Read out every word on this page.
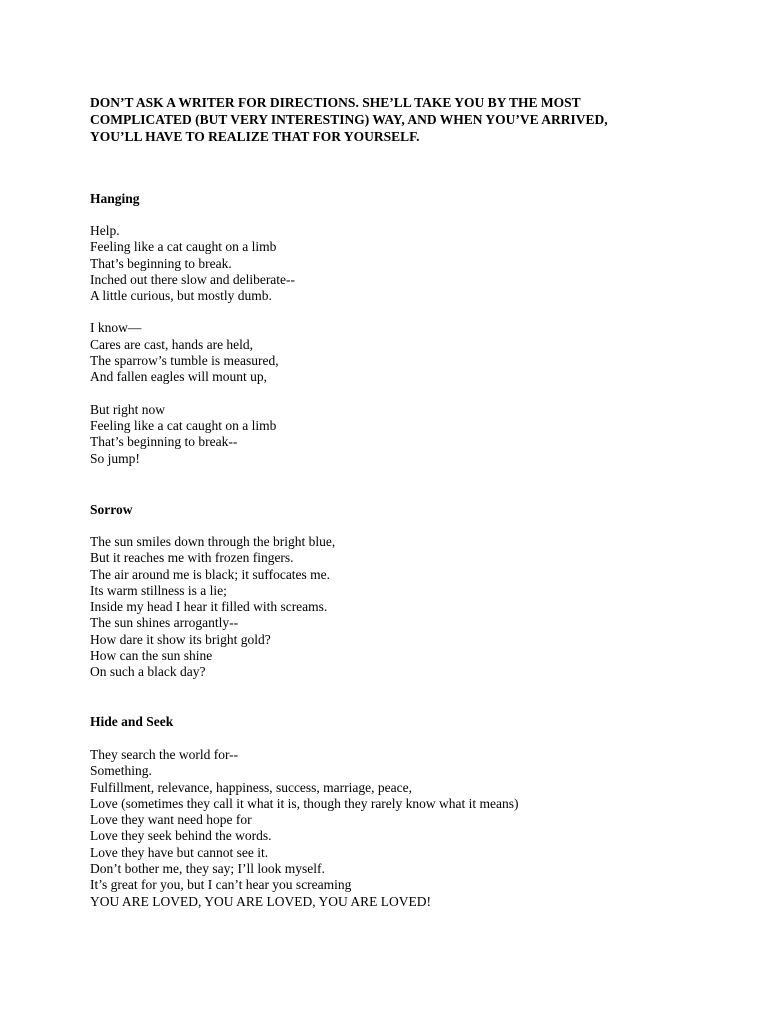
DON’T ASK A WRITER FOR DIRECTIONS. SHE’LL TAKE YOU BY THE MOST
COMPLICATED (BUT VERY INTERESTING) WAY, AND WHEN YOU’VE ARRIVED,
YOU’LL HAVE TO REALIZE THAT FOR YOURSELF.
Hanging
Help.
Feeling like a cat caught on a limb
That’s beginning to break.
Inched out there slow and deliberate--
A little curious, but mostly dumb.
I know—
Cares are cast, hands are held,
The sparrow’s tumble is measured,
And fallen eagles will mount up,
But right now
Feeling like a cat caught on a limb
That’s beginning to break--
So jump!
Sorrow
The sun smiles down through the bright blue,
But it reaches me with frozen fingers.
The air around me is black; it suffocates me.
Its warm stillness is a lie;
Inside my head I hear it filled with screams.
The sun shines arrogantly--
How dare it show its bright gold?
How can the sun shine
On such a black day?
Hide and Seek
They search the world for--
Something.
Fulfillment, relevance, happiness, success, marriage, peace,
Love (sometimes they call it what it is, though they rarely know what it means)
Love they want need hope for
Love they seek behind the words.
Love they have but cannot see it.
Don’t bother me, they say; I’ll look myself.
It’s great for you, but I can’t hear you screaming
YOU ARE LOVED, YOU ARE LOVED, YOU ARE LOVED!
